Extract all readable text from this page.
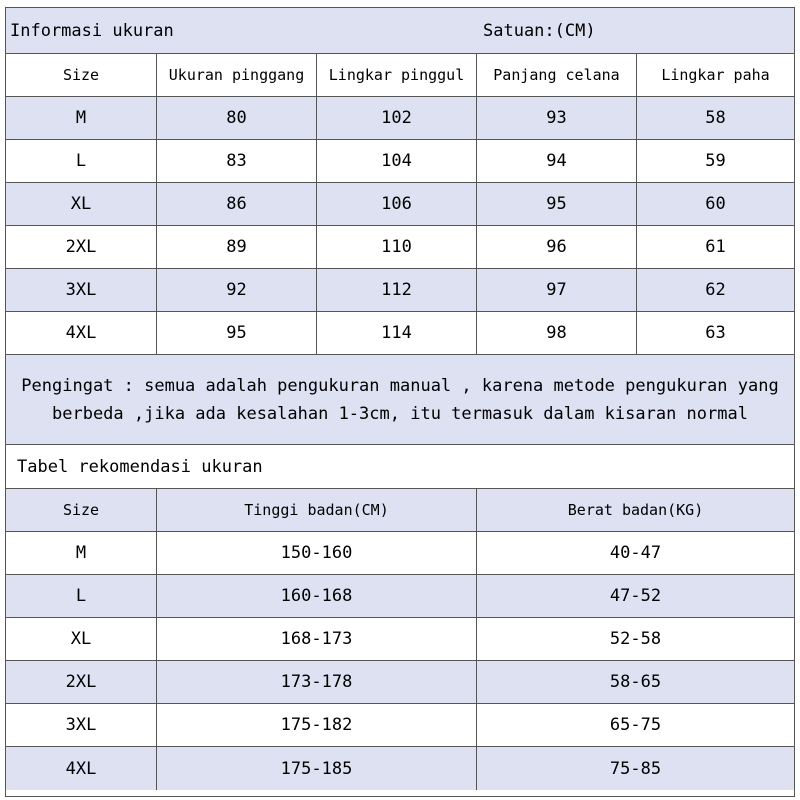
Informasi ukuran	Satuan:(CM)
Size	Ukuran pinggang	Lingkar pinggul	Panjang celana	Lingkar paha
M	80	102	93	58
L	83	104	94	59
XL	86	106	95	60
2XL	89	110	96	61
3XL	92	112	97	62
4XL	95	114	98	63
Pengingat : semua adalah pengukuran manual , karena metode pengukuran yang
berbeda ,jika ada kesalahan 1-3cm, itu termasuk dalam kisaran normal
Tabel rekomendasi ukuran
Size	Tinggi badan(CM)	Berat badan(KG)
M	150-160	40-47
L	160-168	47-52
XL	168-173	52-58
2XL	173-178	58-65
3XL	175-182	65-75
4XL	175-185	75-85
